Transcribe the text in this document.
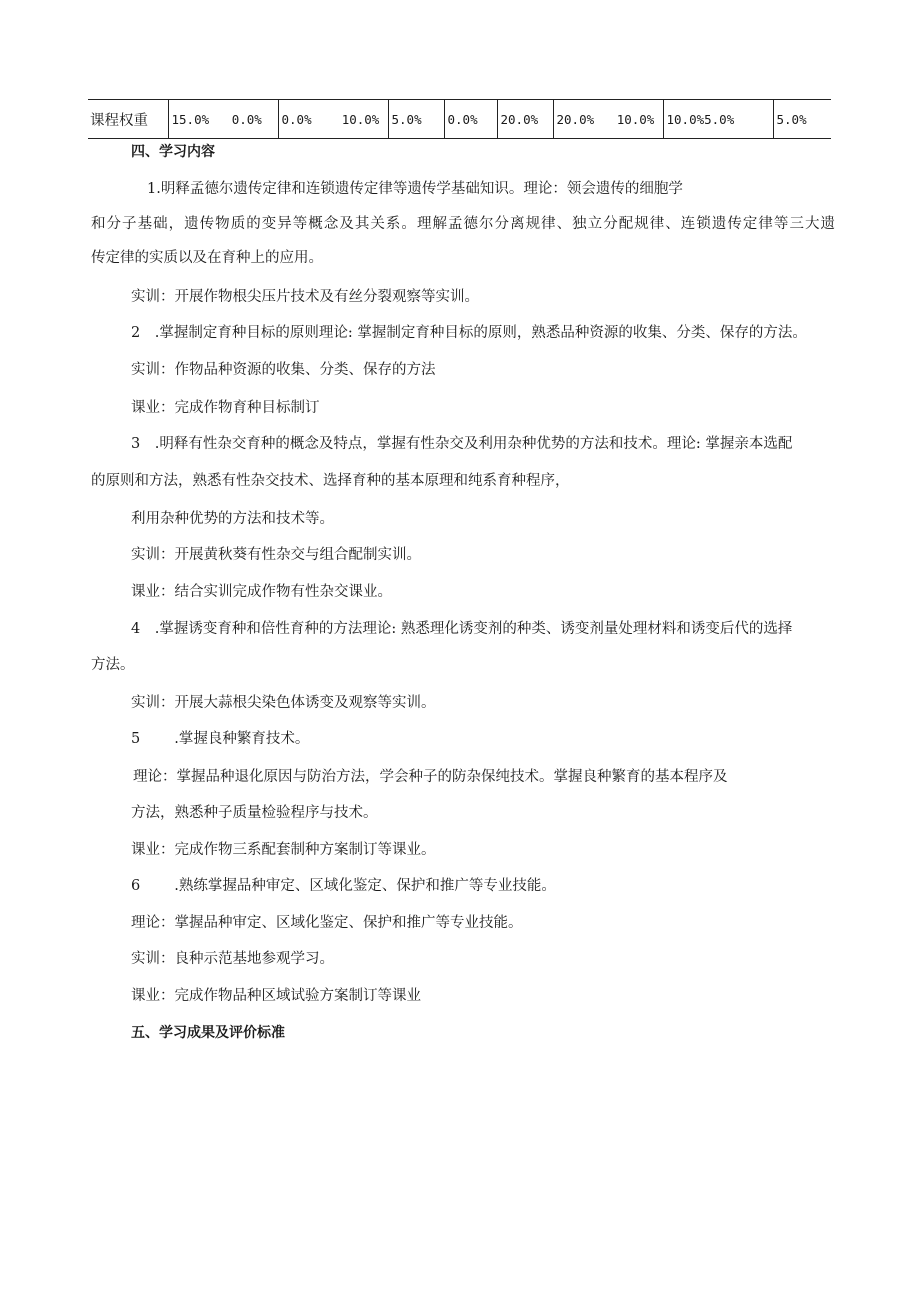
课程权重	15.0%   0.0%	0.0%    10.0%	5.0%	0.0%	20.0%	20.0%   10.0%	10.0%5.0%	5.0%

四、学习内容

1.明释孟德尔遗传定律和连锁遗传定律等遗传学基础知识。理论：领会遗传的细胞学

和分子基础，遗传物质的变异等概念及其关系。理解孟德尔分离规律、独立分配规律、连锁遗传定律等三大遗

传定律的实质以及在育种上的应用。

实训：开展作物根尖压片技术及有丝分裂观察等实训。

2　.掌握制定育种目标的原则理论: 掌握制定育种目标的原则，熟悉品种资源的收集、分类、保存的方法。

实训：作物品种资源的收集、分类、保存的方法

课业：完成作物育种目标制订

3　.明释有性杂交育种的概念及特点，掌握有性杂交及利用杂种优势的方法和技术。理论: 掌握亲本选配

的原则和方法，熟悉有性杂交技术、选择育种的基本原理和纯系育种程序，

利用杂种优势的方法和技术等。

实训：开展黄秋葵有性杂交与组合配制实训。

课业：结合实训完成作物有性杂交课业。

4　.掌握诱变育种和倍性育种的方法理论: 熟悉理化诱变剂的种类、诱变剂量处理材料和诱变后代的选择

方法。

实训：开展大蒜根尖染色体诱变及观察等实训。

5 .掌握良种繁育技术。

理论：掌握品种退化原因与防治方法，学会种子的防杂保纯技术。掌握良种繁育的基本程序及

方法，熟悉种子质量检验程序与技术。

课业：完成作物三系配套制种方案制订等课业。

6 .熟练掌握品种审定、区域化鉴定、保护和推广等专业技能。

理论：掌握品种审定、区域化鉴定、保护和推广等专业技能。

实训：良种示范基地参观学习。

课业：完成作物品种区域试验方案制订等课业

五、学习成果及评价标准
